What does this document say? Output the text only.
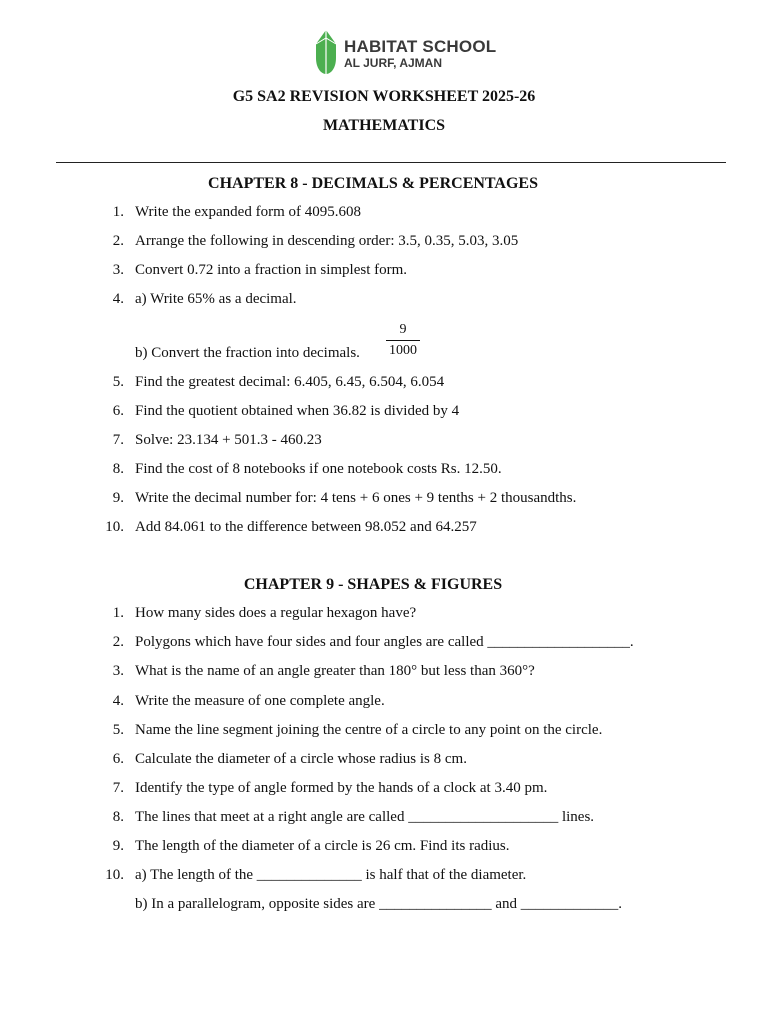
HABITAT SCHOOL
AL JURF, AJMAN
G5 SA2 REVISION WORKSHEET 2025-26
MATHEMATICS
CHAPTER 8 - DECIMALS & PERCENTAGES
1. Write the expanded form of 4095.608
2. Arrange the following in descending order: 3.5, 0.35, 5.03, 3.05
3. Convert 0.72 into a fraction in simplest form.
4. a) Write 65% as a decimal.
b) Convert the fraction into decimals.
9
1000
5. Find the greatest decimal: 6.405, 6.45, 6.504, 6.054
6. Find the quotient obtained when 36.82 is divided by 4
7. Solve: 23.134 + 501.3 - 460.23
8. Find the cost of 8 notebooks if one notebook costs Rs. 12.50.
9. Write the decimal number for: 4 tens + 6 ones + 9 tenths + 2 thousandths.
10. Add 84.061 to the difference between 98.052 and 64.257
CHAPTER 9 - SHAPES & FIGURES
1. How many sides does a regular hexagon have?
2. Polygons which have four sides and four angles are called ___________________.
3. What is the name of an angle greater than 180° but less than 360°?
4. Write the measure of one complete angle.
5. Name the line segment joining the centre of a circle to any point on the circle.
6. Calculate the diameter of a circle whose radius is 8 cm.
7. Identify the type of angle formed by the hands of a clock at 3.40 pm.
8. The lines that meet at a right angle are called ____________________ lines.
9. The length of the diameter of a circle is 26 cm. Find its radius.
10. a) The length of the ______________ is half that of the diameter.
b) In a parallelogram, opposite sides are _______________ and _____________.
